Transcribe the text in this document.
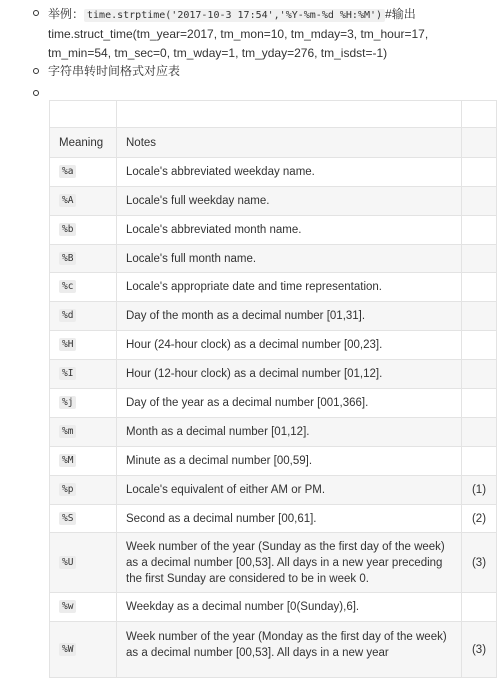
举例： time.strptime('2017-10-3 17:54','%Y-%m-%d %H:%M') #输出
time.struct_time(tm_year=2017, tm_mon=10, tm_mday=3, tm_hour=17, tm_min=54, tm_sec=0, tm_wday=1, tm_yday=276, tm_isdst=-1)
字符串转时间格式对应表

Meaning	Notes	
%a	Locale's abbreviated weekday name.	
%A	Locale's full weekday name.	
%b	Locale's abbreviated month name.	
%B	Locale's full month name.	
%c	Locale's appropriate date and time representation.	
%d	Day of the month as a decimal number [01,31].	
%H	Hour (24-hour clock) as a decimal number [00,23].	
%I	Hour (12-hour clock) as a decimal number [01,12].	
%j	Day of the year as a decimal number [001,366].	
%m	Month as a decimal number [01,12].	
%M	Minute as a decimal number [00,59].	
%p	Locale's equivalent of either AM or PM.	(1)
%S	Second as a decimal number [00,61].	(2)
%U	Week number of the year (Sunday as the first day of the week) as a decimal number [00,53]. All days in a new year preceding the first Sunday are considered to be in week 0.	(3)
%w	Weekday as a decimal number [0(Sunday),6].	
%W	Week number of the year (Monday as the first day of the week) as a decimal number [00,53]. All days in a new year	(3)
